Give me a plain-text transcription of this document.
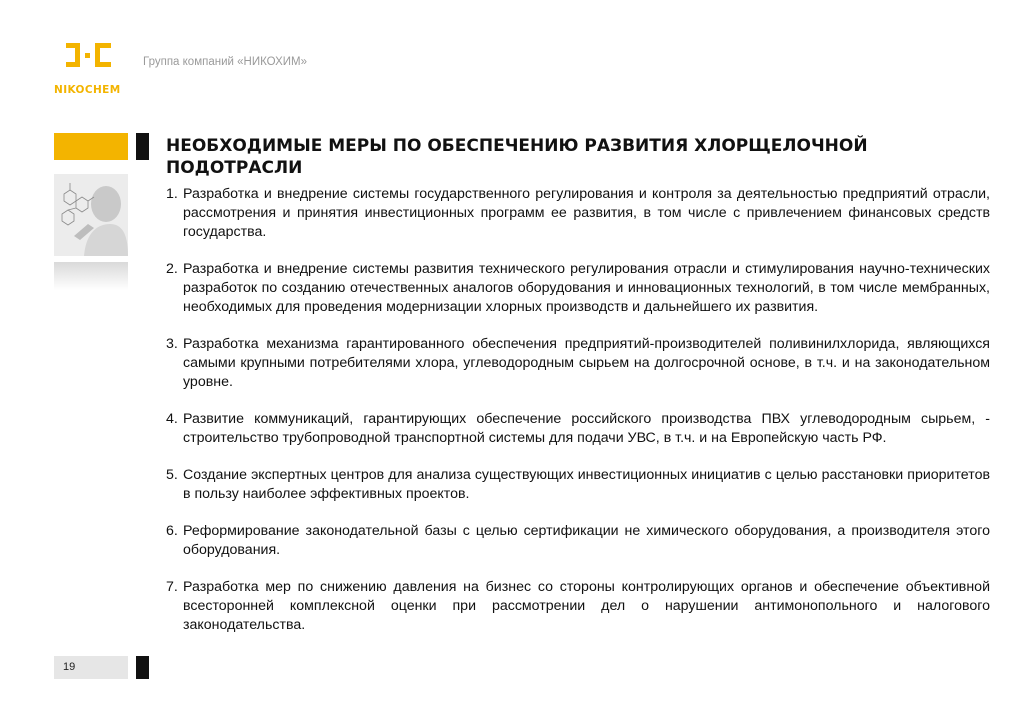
NIKOCHEM
Группа компаний «НИКОХИМ»
НЕОБХОДИМЫЕ МЕРЫ ПО ОБЕСПЕЧЕНИЮ РАЗВИТИЯ ХЛОРЩЕЛОЧНОЙ ПОДОТРАСЛИ
1. Разработка и внедрение системы государственного регулирования и контроля за деятельностью предприятий отрасли, рассмотрения и принятия инвестиционных программ ее развития, в том числе с привлечением финансовых средств государства.
2. Разработка и внедрение системы развития технического регулирования отрасли и стимулирования научно-технических разработок по созданию отечественных аналогов оборудования и инновационных технологий, в том числе мембранных, необходимых для проведения модернизации хлорных производств и дальнейшего их развития.
3. Разработка механизма гарантированного обеспечения предприятий-производителей поливинилхлорида, являющихся самыми крупными потребителями хлора, углеводородным сырьем на долгосрочной основе, в т.ч. и на законодательном уровне.
4. Развитие коммуникаций, гарантирующих обеспечение российского производства ПВХ углеводородным сырьем, - строительство трубопроводной транспортной системы для подачи УВС, в т.ч. и на Европейскую часть РФ.
5. Создание экспертных центров для анализа существующих инвестиционных инициатив с целью расстановки приоритетов в пользу наиболее эффективных проектов.
6. Реформирование законодательной базы с целью сертификации не химического оборудования, а производителя этого оборудования.
7. Разработка мер по снижению давления на бизнес со стороны контролирующих органов и обеспечение объективной всесторонней комплексной оценки при рассмотрении дел о нарушении антимонопольного и налогового законодательства.
19
